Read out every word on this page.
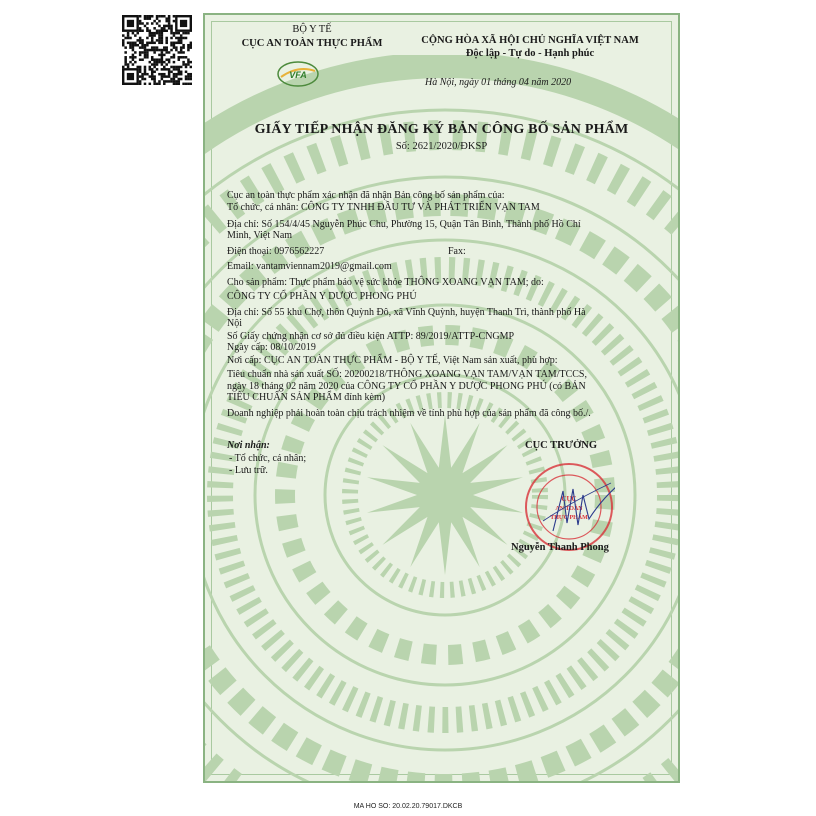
BỘ Y TẾ
CỤC AN TOÀN THỰC PHẨM
VFA
CỘNG HÒA XÃ HỘI CHỦ NGHĨA VIỆT NAM
Độc lập - Tự do - Hạnh phúc
Hà Nội, ngày 01 tháng 04 năm 2020
GIẤY TIẾP NHẬN ĐĂNG KÝ BẢN CÔNG BỐ SẢN PHẨM
Số: 2621/2020/ĐKSP
Cục an toàn thực phẩm xác nhận đã nhận Bản công bố sản phẩm của:
Tổ chức, cá nhân: CÔNG TY TNHH ĐẦU TƯ VÀ PHÁT TRIỂN VẠN TAM
Địa chỉ: Số 154/4/45 Nguyễn Phúc Chu, Phường 15, Quận Tân Bình, Thành phố Hồ Chí
Minh, Việt Nam
Điện thoại: 0976562227	Fax:
Email: vantamviennam2019@gmail.com
Cho sản phẩm: Thực phẩm bảo vệ sức khỏe THÔNG XOANG VẠN TAM; do:
CÔNG TY CỔ PHẦN Y DƯỢC PHONG PHÚ
Địa chỉ: Số 55 khu Chợ, thôn Quỳnh Đô, xã Vĩnh Quỳnh, huyện Thanh Trì, thành phố Hà
Nội
Số Giấy chứng nhận cơ sở đủ điều kiện ATTP: 89/2019/ATTP-CNGMP
Ngày cấp: 08/10/2019
Nơi cấp: CỤC AN TOÀN THỰC PHẨM - BỘ Y TẾ, Việt Nam sản xuất, phù hợp:
Tiêu chuẩn nhà sản xuất SỐ: 20200218/THÔNG XOANG VẠN TAM/VẠN TAM/TCCS,
ngày 18 tháng 02 năm 2020 của CÔNG TY CỔ PHẦN Y DƯỢC PHONG PHÚ (có BẢN
TIÊU CHUẨN SẢN PHẨM đính kèm)
Doanh nghiệp phải hoàn toàn chịu trách nhiệm về tính phù hợp của sản phẩm đã công bố./.
Nơi nhận:
- Tổ chức, cá nhân;
- Lưu trữ.
CỤC TRƯỞNG
CỤC
AN TOÀN
THỰC PHẨM
Nguyễn Thanh Phong
MA HO SO: 20.02.20.79017.DKCB
